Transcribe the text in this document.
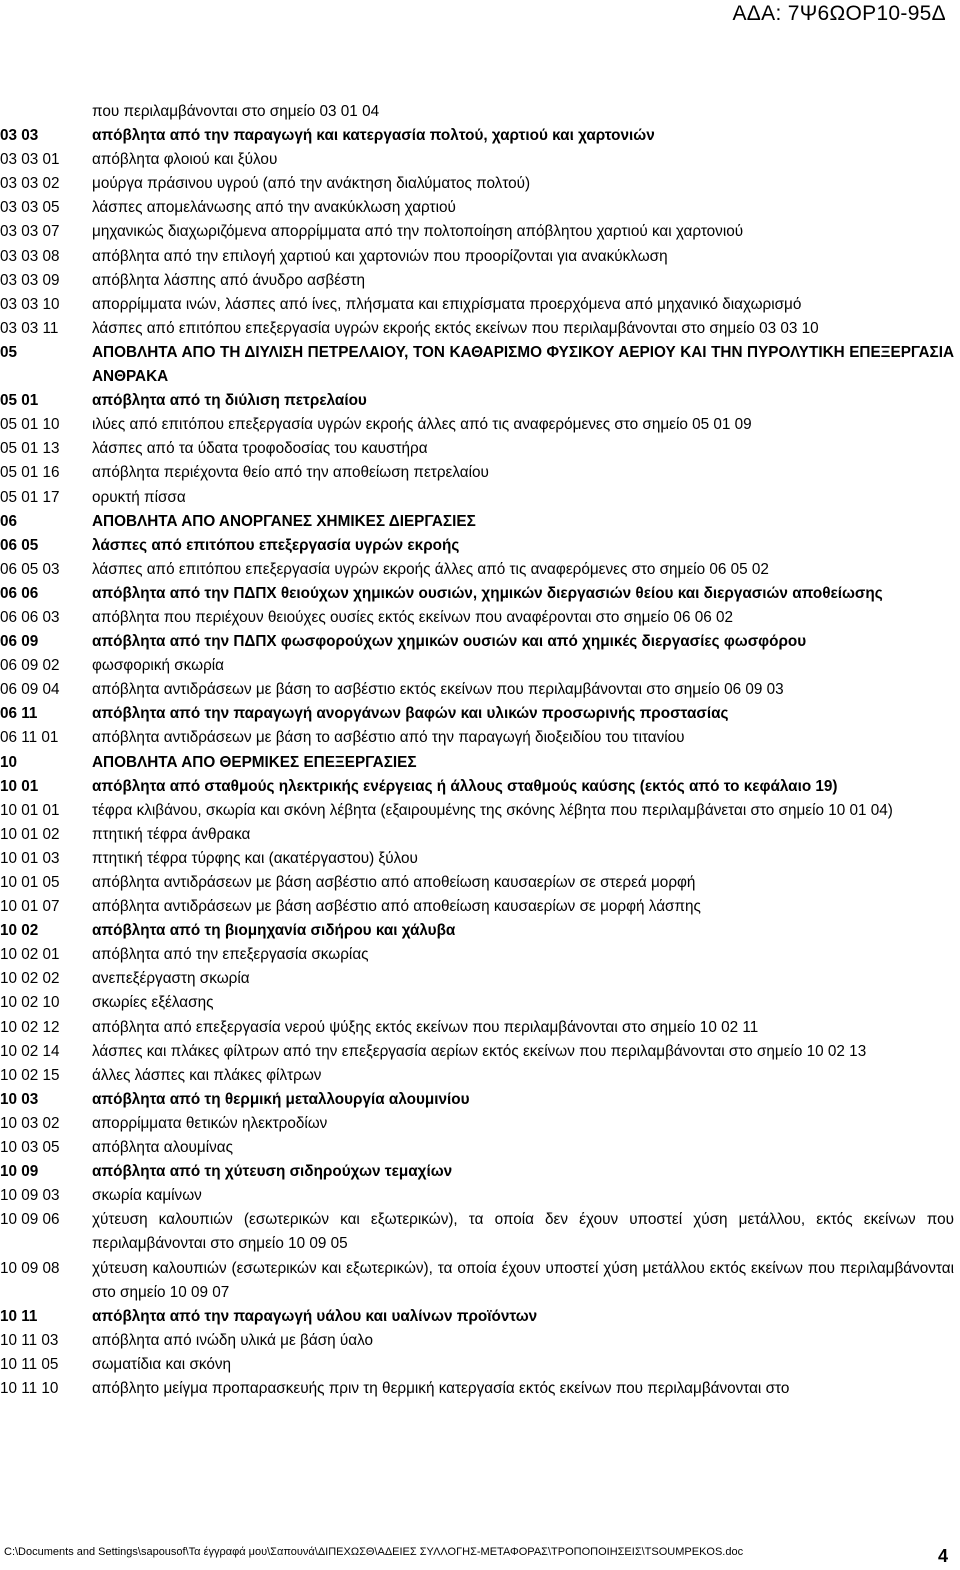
ΑΔΑ: 7Ψ6ΩΟΡ10-95Δ
που περιλαμβάνονται στο σημείο 03 01 04
03 03	απόβλητα από την παραγωγή και κατεργασία πολτού, χαρτιού και χαρτονιών
03 03 01	απόβλητα φλοιού και ξύλου
03 03 02	μούργα πράσινου υγρού (από την ανάκτηση διαλύματος πολτού)
03 03 05	λάσπες απομελάνωσης από την ανακύκλωση χαρτιού
03 03 07	μηχανικώς διαχωριζόμενα απορρίμματα από την πολτοποίηση απόβλητου χαρτιού και χαρτονιού
03 03 08	απόβλητα από την επιλογή χαρτιού και χαρτονιών που προορίζονται για ανακύκλωση
03 03 09	απόβλητα λάσπης από άνυδρο ασβέστη
03 03 10	απορρίμματα ινών, λάσπες από ίνες, πλήσματα και επιχρίσματα προερχόμενα από μηχανικό διαχωρισμό
03 03 11	λάσπες από επιτόπου επεξεργασία υγρών εκροής εκτός εκείνων που περιλαμβάνονται στο σημείο 03 03 10
05	ΑΠΟΒΛΗΤΑ ΑΠΟ ΤΗ ΔΙΥΛΙΣΗ ΠΕΤΡΕΛΑΙΟΥ, ΤΟΝ ΚΑΘΑΡΙΣΜΟ ΦΥΣΙΚΟΥ ΑΕΡΙΟΥ ΚΑΙ ΤΗΝ ΠΥΡΟΛΥΤΙΚΗ ΕΠΕΞΕΡΓΑΣΙΑ ΑΝΘΡΑΚΑ
05 01	απόβλητα από τη διύλιση πετρελαίου
05 01 10	ιλύες από επιτόπου επεξεργασία υγρών εκροής άλλες από τις αναφερόμενες στο σημείο 05 01 09
05 01 13	λάσπες από τα ύδατα τροφοδοσίας του καυστήρα
05 01 16	απόβλητα περιέχοντα θείο από την αποθείωση πετρελαίου
05 01 17	ορυκτή πίσσα
06	ΑΠΟΒΛΗΤΑ ΑΠΟ ΑΝΟΡΓΑΝΕΣ ΧΗΜΙΚΕΣ ΔΙΕΡΓΑΣΙΕΣ
06 05	λάσπες από επιτόπου επεξεργασία υγρών εκροής
06 05 03	λάσπες από επιτόπου επεξεργασία υγρών εκροής άλλες από τις αναφερόμενες στο σημείο 06 05 02
06 06	απόβλητα από την ΠΔΠΧ θειούχων χημικών ουσιών, χημικών διεργασιών θείου και διεργασιών αποθείωσης
06 06 03	απόβλητα που περιέχουν θειούχες ουσίες εκτός εκείνων που αναφέρονται στο σημείο 06 06 02
06 09	απόβλητα από την ΠΔΠΧ φωσφορούχων χημικών ουσιών και από χημικές διεργασίες φωσφόρου
06 09 02	φωσφορική σκωρία
06 09 04	απόβλητα αντιδράσεων με βάση το ασβέστιο εκτός εκείνων που περιλαμβάνονται στο σημείο 06 09 03
06 11	απόβλητα από την παραγωγή ανοργάνων βαφών και υλικών προσωρινής προστασίας
06 11 01	απόβλητα αντιδράσεων με βάση το ασβέστιο από την παραγωγή διοξειδίου του τιτανίου
10	ΑΠΟΒΛΗΤΑ ΑΠΟ ΘΕΡΜΙΚΕΣ ΕΠΕΞΕΡΓΑΣΙΕΣ
10 01	απόβλητα από σταθμούς ηλεκτρικής ενέργειας ή άλλους σταθμούς καύσης (εκτός από το κεφάλαιο 19)
10 01 01	τέφρα κλιβάνου, σκωρία και σκόνη λέβητα (εξαιρουμένης της σκόνης λέβητα που περιλαμβάνεται στο σημείο 10 01 04)
10 01 02	πτητική τέφρα άνθρακα
10 01 03	πτητική τέφρα τύρφης και (ακατέργαστου) ξύλου
10 01 05	απόβλητα αντιδράσεων με βάση ασβέστιο από αποθείωση καυσαερίων σε στερεά μορφή
10 01 07	απόβλητα αντιδράσεων με βάση ασβέστιο από αποθείωση καυσαερίων σε μορφή λάσπης
10 02	απόβλητα από τη βιομηχανία σιδήρου και χάλυβα
10 02 01	απόβλητα από την επεξεργασία σκωρίας
10 02 02	ανεπεξέργαστη σκωρία
10 02 10	σκωρίες εξέλασης
10 02 12	απόβλητα από επεξεργασία νερού ψύξης εκτός εκείνων που περιλαμβάνονται στο σημείο 10 02 11
10 02 14	λάσπες και πλάκες φίλτρων από την επεξεργασία αερίων εκτός εκείνων που περιλαμβάνονται στο σημείο 10 02 13
10 02 15	άλλες λάσπες και πλάκες φίλτρων
10 03	απόβλητα από τη θερμική μεταλλουργία αλουμινίου
10 03 02	απορρίμματα θετικών ηλεκτροδίων
10 03 05	απόβλητα αλουμίνας
10 09	απόβλητα από τη χύτευση σιδηρούχων τεμαχίων
10 09 03	σκωρία καμίνων
10 09 06	χύτευση καλουπιών (εσωτερικών και εξωτερικών), τα οποία δεν έχουν υποστεί χύση μετάλλου, εκτός εκείνων που περιλαμβάνονται στο σημείο 10 09 05
10 09 08	χύτευση καλουπιών (εσωτερικών και εξωτερικών), τα οποία έχουν υποστεί χύση μετάλλου εκτός εκείνων που περιλαμβάνονται στο σημείο 10 09 07
10 11	απόβλητα από την παραγωγή υάλου και υαλίνων προϊόντων
10 11 03	απόβλητα από ινώδη υλικά με βάση ύαλο
10 11 05	σωματίδια και σκόνη
10 11 10	απόβλητο μείγμα προπαρασκευής πριν τη θερμική κατεργασία εκτός εκείνων που περιλαμβάνονται στο
C:\Documents and Settings\sapousof\Τα έγγραφά μου\Σαπουνά\ΔΙΠΕΧΩΣΘ\ΑΔΕΙΕΣ ΣΥΛΛΟΓΗΣ-ΜΕΤΑΦΟΡΑΣ\ΤΡΟΠΟΠΟΙΗΣΕΙΣ\TSOUMPEKOS.doc	4
